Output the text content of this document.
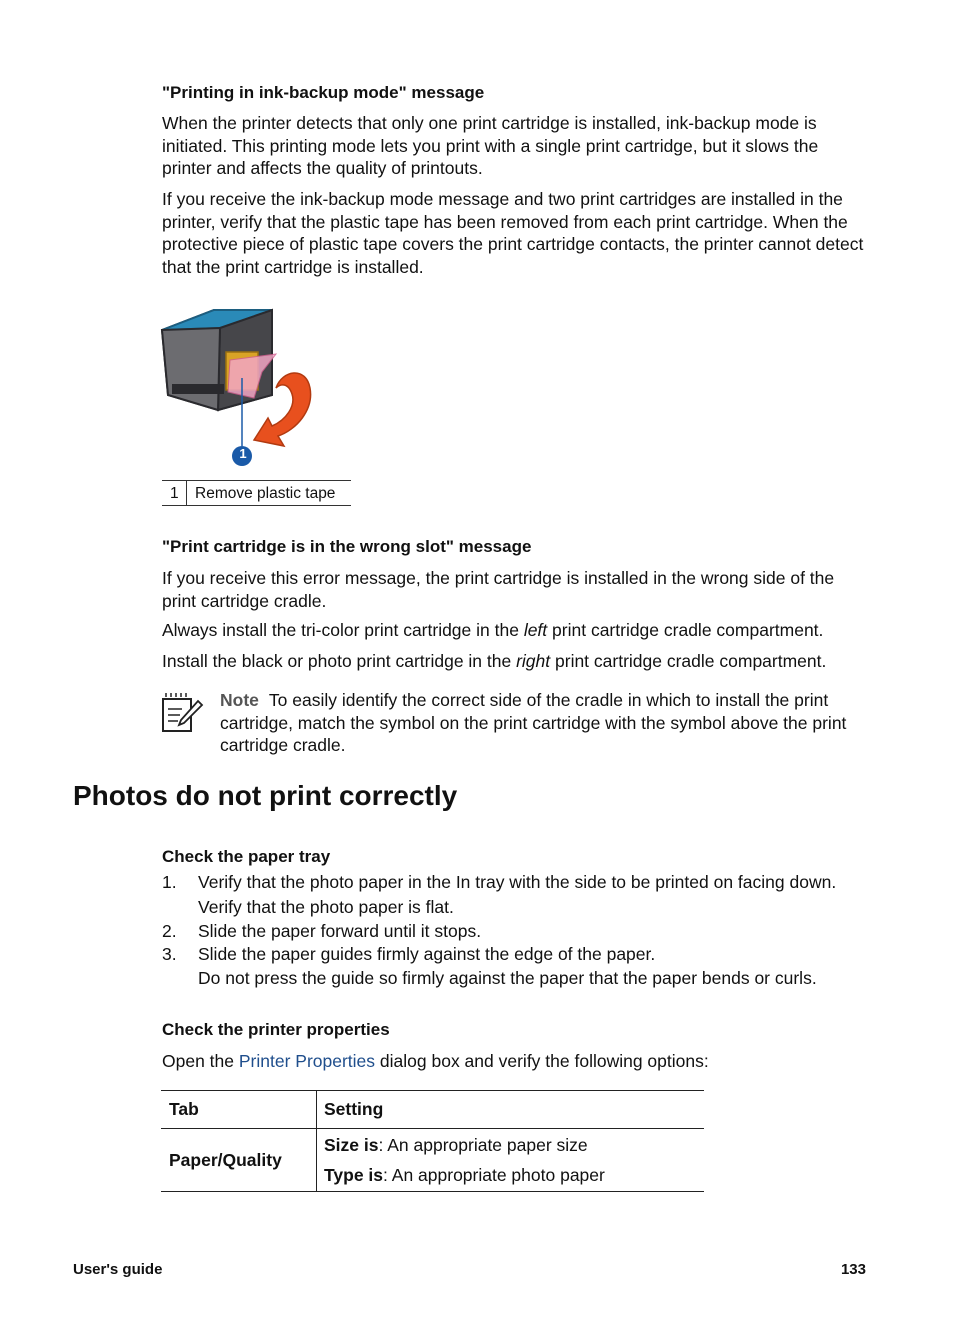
"Printing in ink-backup mode" message
When the printer detects that only one print cartridge is installed, ink-backup mode is initiated. This printing mode lets you print with a single print cartridge, but it slows the printer and affects the quality of printouts.
If you receive the ink-backup mode message and two print cartridges are installed in the printer, verify that the plastic tape has been removed from each print cartridge. When the protective piece of plastic tape covers the print cartridge contacts, the printer cannot detect that the print cartridge is installed.
1
1	Remove plastic tape
"Print cartridge is in the wrong slot" message
If you receive this error message, the print cartridge is installed in the wrong side of the print cartridge cradle.
Always install the tri-color print cartridge in the left print cartridge cradle compartment.
Install the black or photo print cartridge in the right print cartridge cradle compartment.
Note To easily identify the correct side of the cradle in which to install the print cartridge, match the symbol on the print cartridge with the symbol above the print cartridge cradle.
Photos do not print correctly
Check the paper tray
1. Verify that the photo paper in the In tray with the side to be printed on facing down.
Verify that the photo paper is flat.
2. Slide the paper forward until it stops.
3. Slide the paper guides firmly against the edge of the paper.
Do not press the guide so firmly against the paper that the paper bends or curls.
Check the printer properties
Open the Printer Properties dialog box and verify the following options:
Tab	Setting
Paper/Quality	Size is: An appropriate paper size
Type is: An appropriate photo paper
User's guide	133
